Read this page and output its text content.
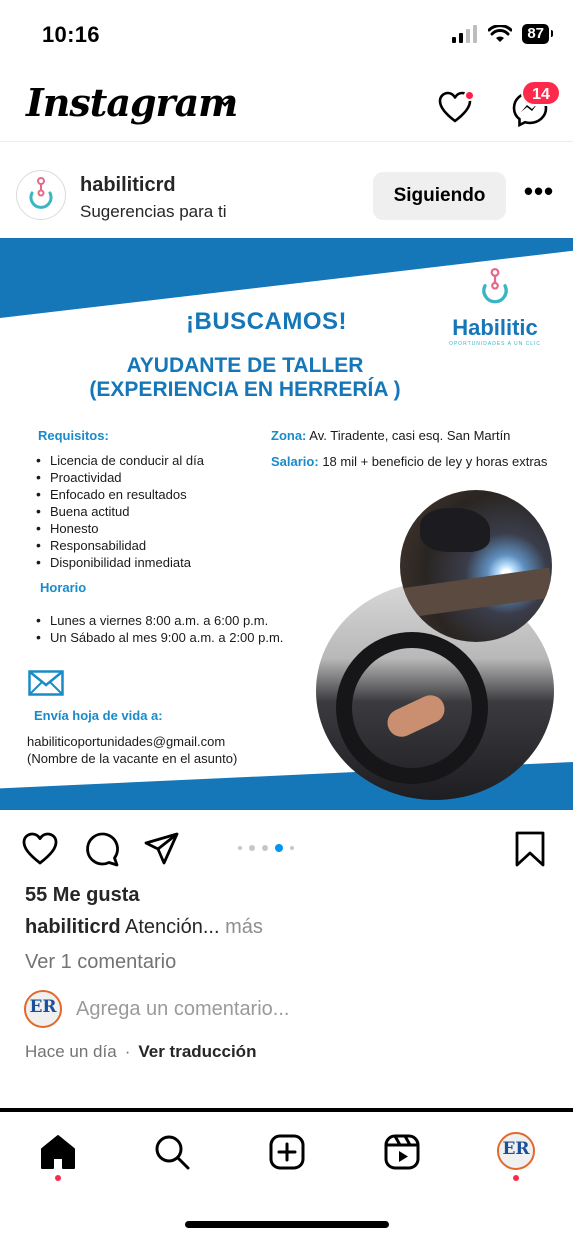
10:16	87
Instagram	14
habiliticrd
Sugerencias para ti
Siguiendo	•••
Habilitic
OPORTUNIDADES A UN CLIC
¡BUSCAMOS!
AYUDANTE DE TALLER
(EXPERIENCIA EN HERRERÍA )
Requisitos:
• Licencia de conducir al día
• Proactividad
• Enfocado en resultados
• Buena actitud
• Honesto
• Responsabilidad
• Disponibilidad inmediata
Horario
• Lunes a viernes 8:00 a.m. a 6:00 p.m.
• Un Sábado al mes 9:00 a.m. a 2:00 p.m.
Zona: Av. Tiradente, casi esq. San Martín
Salario: 18 mil + beneficio de ley y horas extras
Envía hoja de vida a:
habiliticoportunidades@gmail.com
(Nombre de la vacante en el asunto)
55 Me gusta
habiliticrd Atención... más
Ver 1 comentario
ER
Agrega un comentario...
Hace un día · Ver traducción
ER
